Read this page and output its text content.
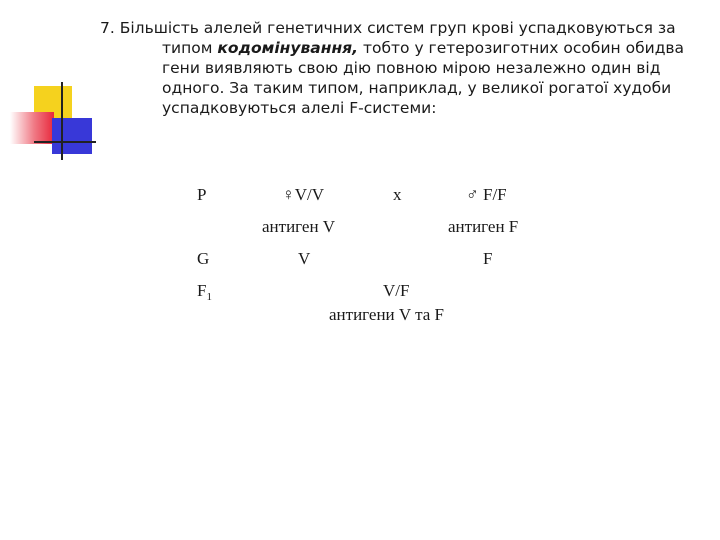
7. Більшість алелей генетичних систем груп крові успадковуються за
типом кодомінування, тобто у гетерозиготних особин обидва
гени виявляють свою дію повною мірою незалежно один від
одного. За таким типом, наприклад, у великої рогатої худоби
успадковуються алелі F-системи:
P	♀V/V	x	♂ F/F
антиген V	антиген F
G	V	F
$F_1$	V/F
антигени V та F
